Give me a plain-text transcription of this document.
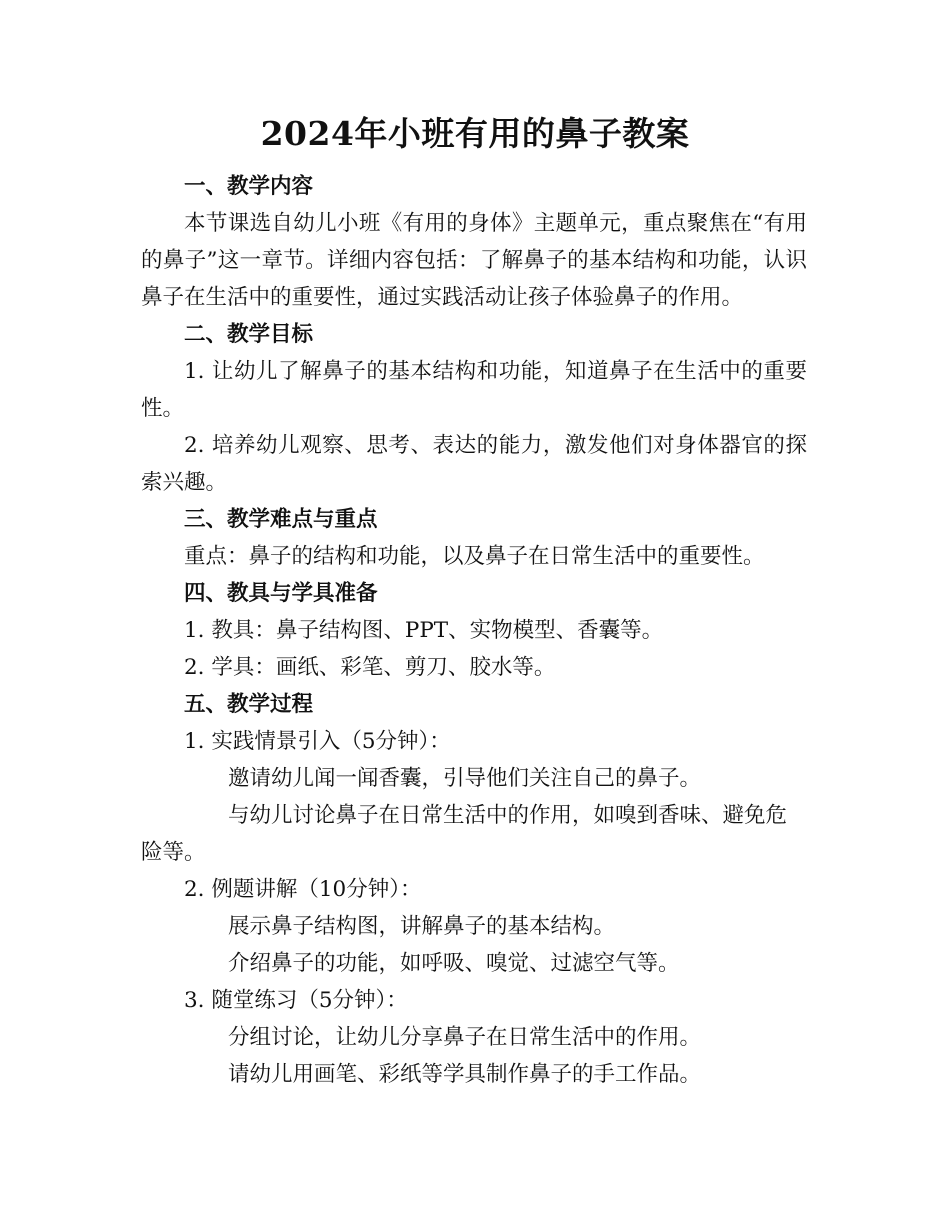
2024年小班有用的鼻子教案

一、教学内容

本节课选自幼儿小班《有用的身体》主题单元，重点聚焦在“有用的鼻子”这一章节。详细内容包括：了解鼻子的基本结构和功能，认识鼻子在生活中的重要性，通过实践活动让孩子体验鼻子的作用。

二、教学目标

1. 让幼儿了解鼻子的基本结构和功能，知道鼻子在生活中的重要性。

2. 培养幼儿观察、思考、表达的能力，激发他们对身体器官的探索兴趣。

三、教学难点与重点

重点：鼻子的结构和功能，以及鼻子在日常生活中的重要性。

四、教具与学具准备

1. 教具：鼻子结构图、PPT、实物模型、香囊等。

2. 学具：画纸、彩笔、剪刀、胶水等。

五、教学过程

1. 实践情景引入（5分钟）：

邀请幼儿闻一闻香囊，引导他们关注自己的鼻子。

与幼儿讨论鼻子在日常生活中的作用，如嗅到香味、避免危险等。

2. 例题讲解（10分钟）：

展示鼻子结构图，讲解鼻子的基本结构。

介绍鼻子的功能，如呼吸、嗅觉、过滤空气等。

3. 随堂练习（5分钟）：

分组讨论，让幼儿分享鼻子在日常生活中的作用。

请幼儿用画笔、彩纸等学具制作鼻子的手工作品。
